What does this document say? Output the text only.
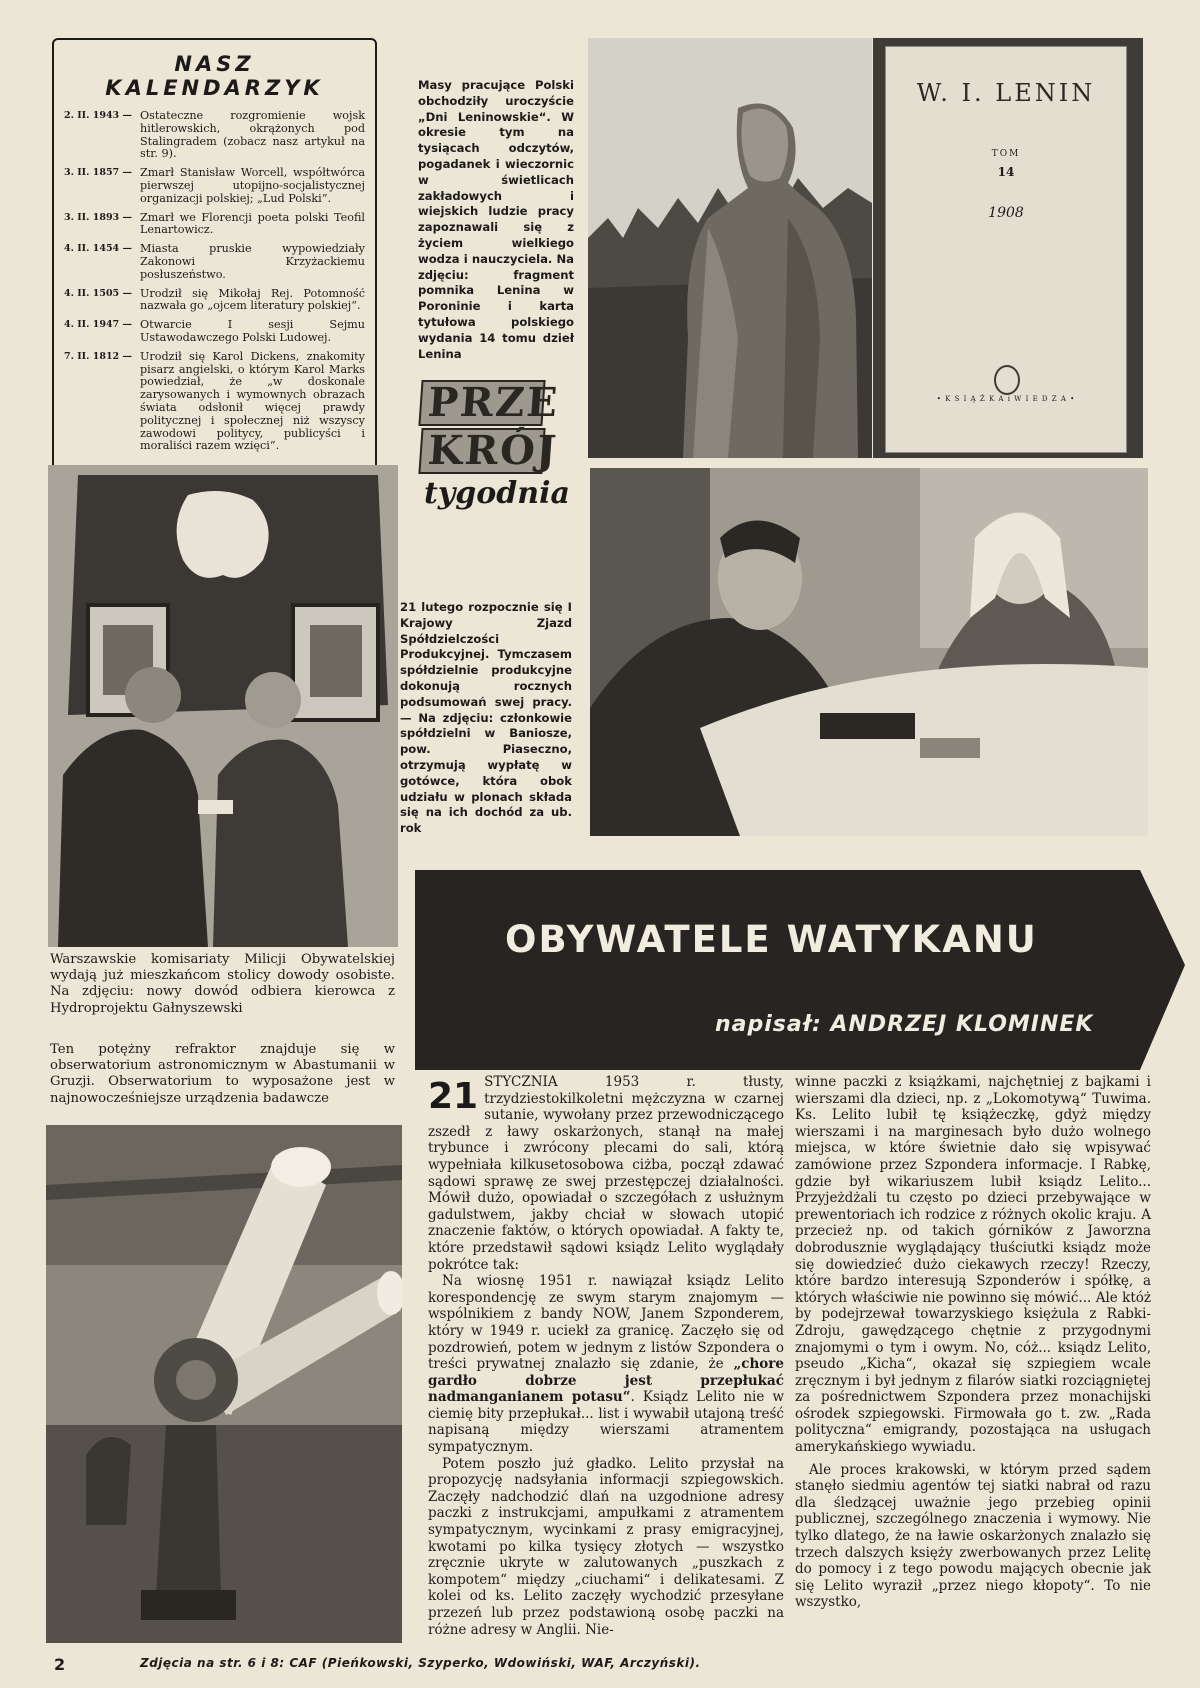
NASZ KALENDARZYK
2. II. 1943 — Ostateczne rozgromienie wojsk hitlerowskich, okrążonych pod Stalingradem (zobacz nasz artykuł na str. 9).
3. II. 1857 — Zmarł Stanisław Worcell, współtwórca pierwszej utopijno-socjalistycznej organizacji polskiej; „Lud Polski“.
3. II. 1893 — Zmarł we Florencji poeta polski Teofil Lenartowicz.
4. II. 1454 — Miasta pruskie wypowiedziały Zakonowi Krzyżackiemu posłuszeństwo.
4. II. 1505 — Urodził się Mikołaj Rej. Potomność nazwała go „ojcem literatury polskiej“.
4. II. 1947 — Otwarcie I sesji Sejmu Ustawodawczego Polski Ludowej.
7. II. 1812 — Urodził się Karol Dickens, znakomity pisarz angielski, o którym Karol Marks powiedział, że „w doskonale zarysowanych i wymownych obrazach świata odsłonił więcej prawdy politycznej i społecznej niż wszyscy zawodowi politycy, publicyści i moraliści razem wzięci“.
Masy pracujące Polski obchodziły uroczyście „Dni Leninowskie“. W okresie tym na tysiącach odczytów, pogadanek i wieczornic w świetlicach zakładowych i wiejskich ludzie pracy zapoznawali się z życiem wielkiego wodza i nauczyciela. Na zdjęciu: fragment pomnika Lenina w Poroninie i karta tytułowa polskiego wydania 14 tomu dzieł Lenina
W. I. LENIN
TOM
14
1908
• K S I Ą Ż K A i W I E D Z A •
PRZE
KRÓJ
tygodnia
Warszawskie komisariaty Milicji Obywatelskiej wydają już mieszkańcom stolicy dowody osobiste. Na zdjęciu: nowy dowód odbiera kierowca z Hydroprojektu Gałnyszewski
21 lutego rozpocznie się I Krajowy Zjazd Spółdzielczości Produkcyjnej. Tymczasem spółdzielnie produkcyjne dokonują rocznych podsumowań swej pracy. — Na zdjęciu: członkowie spółdzielni w Baniosze, pow. Piaseczno, otrzymują wypłatę w gotówce, która obok udziału w plonach składa się na ich dochód za ub. rok
OBYWATELE WATYKANU
napisał: ANDRZEJ KLOMINEK
Ten potężny refraktor znajduje się w obserwatorium astronomicznym w Abastumanii w Gruzji. Obserwatorium to wyposażone jest w najnowocześniejsze urządzenia badawcze	21 STYCZNIA 1953 r. tłusty, trzydziestokilkoletni mężczyzna w czarnej sutanie, wywołany przez przewodniczącego zszedł z ławy oskarżonych, stanął na małej trybunce i zwrócony plecami do sali, którą wypełniała kilkusetosobowa ciżba, począł zdawać sądowi sprawę ze swej przestępczej działalności. Mówił dużo, opowiadał o szczegółach z usłużnym gadulstwem, jakby chciał w słowach utopić znaczenie faktów, o których opowiadał. A fakty te, które przedstawił sądowi ksiądz Lelito wyglądały pokrótce tak:

Na wiosnę 1951 r. nawiązał ksiądz Lelito korespondencję ze swym starym znajomym — wspólnikiem z bandy NOW, Janem Szponderem, który w 1949 r. uciekł za granicę. Zaczęło się od pozdrowień, potem w jednym z listów Szpondera o treści prywatnej znalazło się zdanie, że „chore gardło dobrze jest przepłukać nadmanganianem potasu“. Ksiądz Lelito nie w ciemię bity przepłukał... list i wywabił utajoną treść napisaną między wierszami atramentem sympatycznym.

Potem poszło już gładko. Lelito przysłał na propozycję nadsyłania informacji szpiegowskich. Zaczęły nadchodzić dlań na uzgodnione adresy paczki z instrukcjami, ampułkami z atramentem sympatycznym, wycinkami z prasy emigracyjnej, kwotami po kilka tysięcy złotych — wszystko zręcznie ukryte w zalutowanych „puszkach z kompotem“ między „ciuchami“ i delikatesami. Z kolei od ks. Lelito zaczęły wychodzić przesyłane przezeń lub przez podstawioną osobę paczki na różne adresy w Anglii. Nie-

winne paczki z książkami, najchętniej z bajkami i wierszami dla dzieci, np. z „Lokomotywą“ Tuwima. Ks. Lelito lubił tę książeczkę, gdyż między wierszami i na marginesach było dużo wolnego miejsca, w które świetnie dało się wpisywać zamówione przez Szpondera informacje. I Rabkę, gdzie był wikariuszem lubił ksiądz Lelito... Przyjeżdżali tu często po dzieci przebywające w prewentoriach ich rodzice z różnych okolic kraju. A przecież np. od takich górników z Jaworzna dobrodusznie wyglądający tłuściutki ksiądz może się dowiedzieć dużo ciekawych rzeczy! Rzeczy, które bardzo interesują Szponderów i spółkę, a których właściwie nie powinno się mówić... Ale któż by podejrzewał towarzyskiego księżula z Rabki-Zdroju, gawędzącego chętnie z przygodnymi znajomymi o tym i owym. No, cóż... ksiądz Lelito, pseudo „Kicha“, okazał się szpiegiem wcale zręcznym i był jednym z filarów siatki rozciągniętej za pośrednictwem Szpondera przez monachijski ośrodek szpiegowski. Firmowała go t. zw. „Rada polityczna“ emigrandy, pozostająca na usługach amerykańskiego wywiadu.

Ale proces krakowski, w którym przed sądem stanęło siedmiu agentów tej siatki nabrał od razu dla śledzącej uważnie jego przebieg opinii publicznej, szczególnego znaczenia i wymowy. Nie tylko dlatego, że na ławie oskarżonych znalazło się trzech dalszych księży zwerbowanych przez Lelitę do pomocy i z tego powodu mających obecnie jak się Lelito wyraził „przez niego kłopoty“. To nie wszystko,

2	Zdjęcia na str. 6 i 8: CAF (Pieńkowski, Szyperko, Wdowiński, WAF, Arczyński).
